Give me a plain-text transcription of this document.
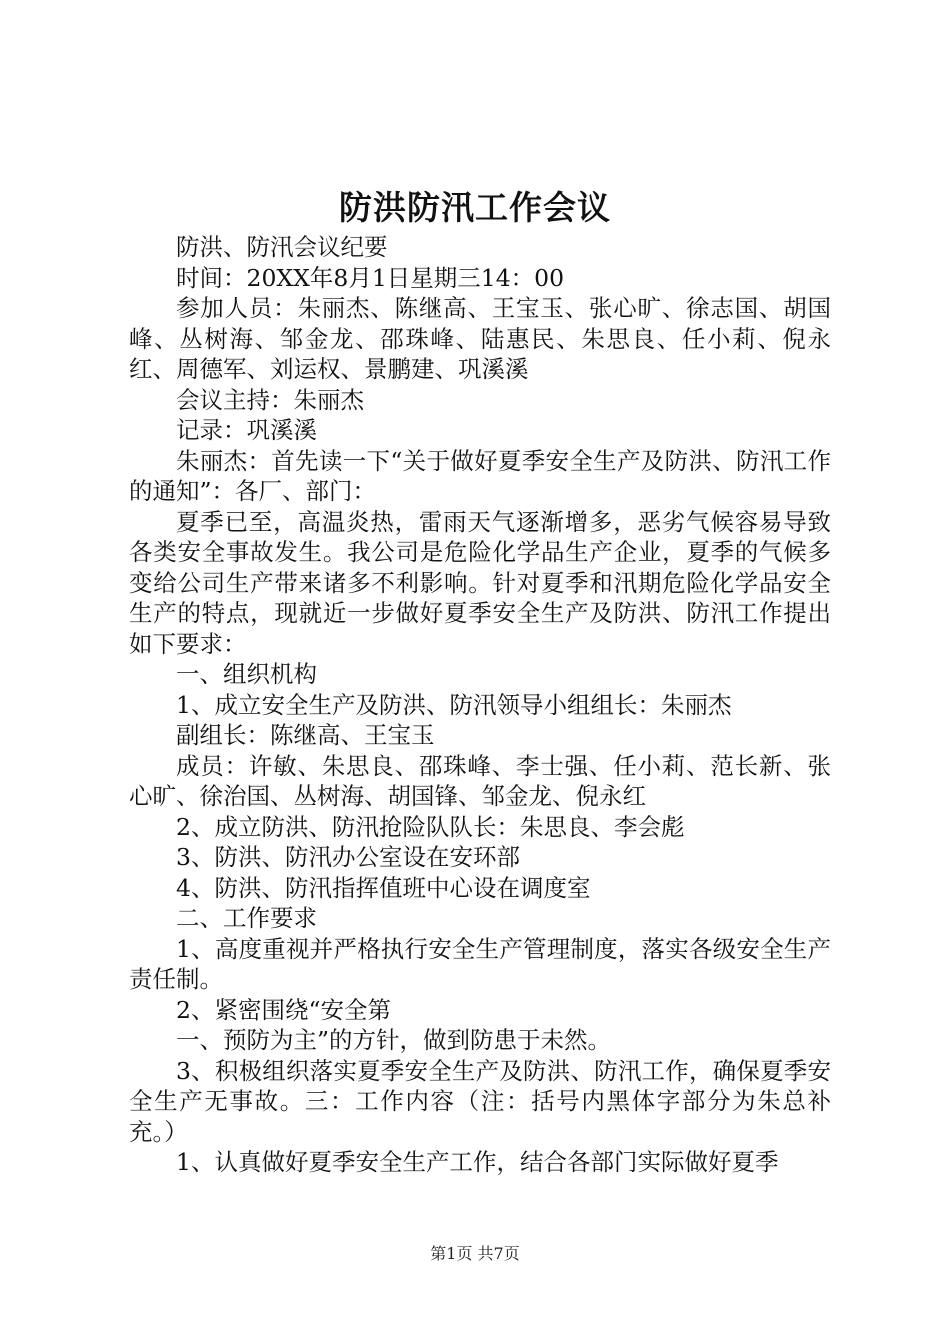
防洪防汛工作会议

防洪、防汛会议纪要

时间：20XX年8月1日星期三14：00

参加人员：朱丽杰、陈继高、王宝玉、张心旷、徐志国、胡国峰、丛树海、邹金龙、邵珠峰、陆惠民、朱思良、任小莉、倪永红、周德军、刘运权、景鹏建、巩溪溪

会议主持：朱丽杰

记录：巩溪溪

朱丽杰：首先读一下“关于做好夏季安全生产及防洪、防汛工作的通知”：各厂、部门：

夏季已至，高温炎热，雷雨天气逐渐增多，恶劣气候容易导致各类安全事故发生。我公司是危险化学品生产企业，夏季的气候多变给公司生产带来诸多不利影响。针对夏季和汛期危险化学品安全生产的特点，现就近一步做好夏季安全生产及防洪、防汛工作提出如下要求：

一、组织机构

1、成立安全生产及防洪、防汛领导小组组长：朱丽杰

副组长：陈继高、王宝玉

成员：许敏、朱思良、邵珠峰、李士强、任小莉、范长新、张心旷、徐治国、丛树海、胡国锋、邹金龙、倪永红

2、成立防洪、防汛抢险队队长：朱思良、李会彪

3、防洪、防汛办公室设在安环部

4、防洪、防汛指挥值班中心设在调度室

二、工作要求

1、高度重视并严格执行安全生产管理制度，落实各级安全生产责任制。

2、紧密围绕“安全第

一、预防为主”的方针，做到防患于未然。

3、积极组织落实夏季安全生产及防洪、防汛工作，确保夏季安全生产无事故。三：工作内容（注：括号内黑体字部分为朱总补充。）

1、认真做好夏季安全生产工作，结合各部门实际做好夏季

第1页 共7页
